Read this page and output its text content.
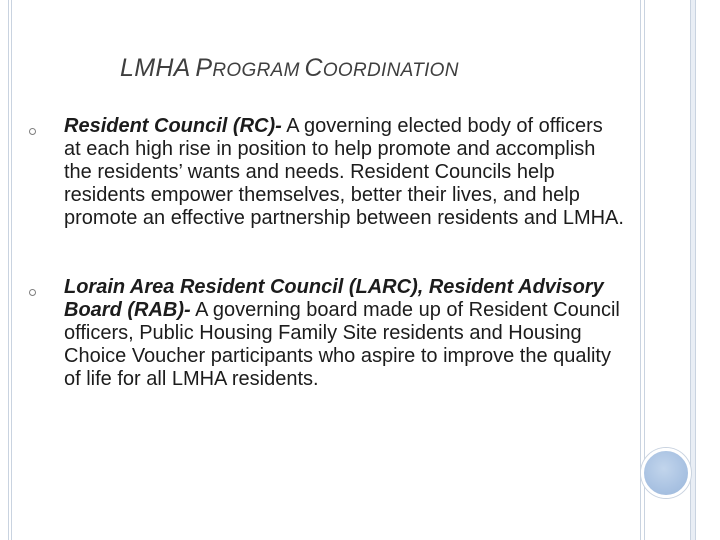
LMHA PROGRAM COORDINATION
Resident Council (RC)- A governing elected body of officers at each high rise in position to help promote and accomplish the residents’ wants and needs. Resident Councils help residents empower themselves, better their lives, and help promote an effective partnership between residents and LMHA.
Lorain Area Resident Council (LARC), Resident Advisory Board (RAB)- A governing board made up of Resident Council officers, Public Housing Family Site residents and Housing Choice Voucher participants who aspire to improve the quality of life for all LMHA residents.
